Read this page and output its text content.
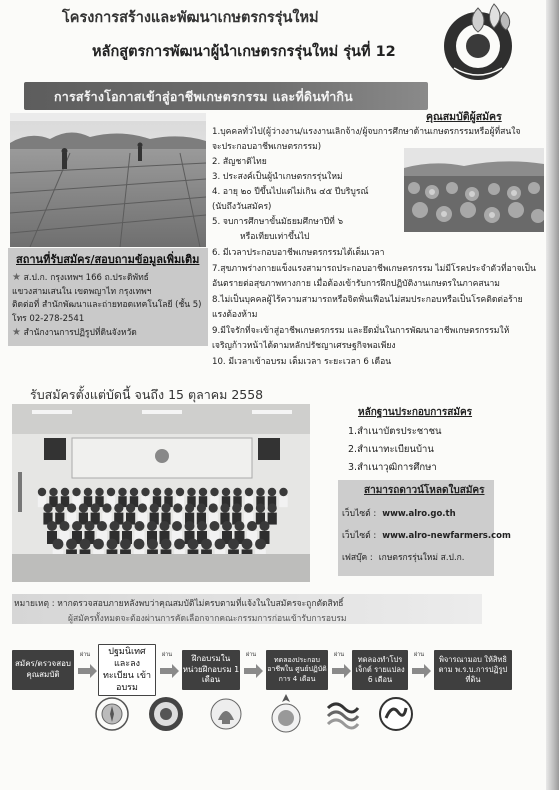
โครงการสร้างและพัฒนาเกษตรกรรุ่นใหม่
หลักสูตรการพัฒนาผู้นำเกษตรกรรุ่นใหม่ รุ่นที่ 12
การสร้างโอกาสเข้าสู่อาชีพเกษตรกรรม และที่ดินทำกิน
สถานที่รับสมัคร/สอบถามข้อมูลเพิ่มเติม
★ ส.ป.ก. กรุงเทพฯ 166 ถ.ประดิพัทธ์
แขวงสามเสนใน เขตพญาไท กรุงเทพฯ
ติดต่อที่ สำนักพัฒนาและถ่ายทอดเทคโนโลยี (ชั้น 5)
โทร 02-278-2541
★ สำนักงานการปฏิรูปที่ดินจังหวัด
คุณสมบัติผู้สมัคร
1.บุคคลทั่วไป(ผู้ว่างงาน/แรงงานเลิกจ้าง/ผู้จบการศึกษาด้านเกษตรกรรมหรือผู้ที่สนใจ
จะประกอบอาชีพเกษตรกรรม)
2. สัญชาติไทย
3. ประสงค์เป็นผู้นำเกษตรกรรุ่นใหม่
4. อายุ ๒๐ ปีขึ้นไปแต่ไม่เกิน ๔๕ ปีบริบูรณ์
(นับถึงวันสมัคร)
5. จบการศึกษาขั้นมัธยมศึกษาปีที่ ๖
หรือเทียบเท่าขึ้นไป
6. มีเวลาประกอบอาชีพเกษตรกรรมได้เต็มเวลา
7.สุขภาพร่างกายแข็งแรงสามารถประกอบอาชีพเกษตรกรรม ไม่มีโรคประจำตัวที่อาจเป็น
อันตรายต่อสุขภาพทางกาย เมื่อต้องเข้ารับการฝึกปฏิบัติงานเกษตรในภาคสนาม
8.ไม่เป็นบุคคลผู้ไร้ความสามารถหรือจิตฟั่นเฟือนไม่สมประกอบหรือเป็นโรคติดต่อร้าย
แรงต้องห้าม
9.มีใจรักที่จะเข้าสู่อาชีพเกษตรกรรม และยึดมั่นในการพัฒนาอาชีพเกษตรกรรมให้
เจริญก้าวหน้าได้ตามหลักปรัชญาเศรษฐกิจพอเพียง
10. มีเวลาเข้าอบรม เต็มเวลา ระยะเวลา 6 เดือน
รับสมัครตั้งแต่บัดนี้ จนถึง 15 ตุลาคม 2558
หลักฐานประกอบการสมัคร
1.สำเนาบัตรประชาชน
2.สำเนาทะเบียนบ้าน
3.สำเนาวุฒิการศึกษา
สามารถดาวน์โหลดใบสมัคร
เว็บไซต์ : www.alro.go.th
เว็บไซต์ : www.alro-newfarmers.com
เฟสบุ๊ค : เกษตรกรรุ่นใหม่ ส.ป.ก.
หมายเหตุ : หากตรวจสอบภายหลังพบว่าคุณสมบัติไม่ครบตามที่แจ้งในใบสมัครจะถูกตัดสิทธิ์
ผู้สมัครทั้งหมดจะต้องผ่านการคัดเลือกจากคณะกรรมการก่อนเข้ารับการอบรม
สมัคร/ตรวจสอบคุณสมบัติ
ผ่าน	ปฐมนิเทศ และลงทะเบียน เข้าอบรม
ผ่าน	ฝึกอบรมใน หน่วยฝึกอบรม 1 เดือน
ผ่าน
ทดลองประกอบอาชีพใน ศูนย์ปฏิบัติการ 4 เดือน
ผ่าน	ทดลองทำโปรเจ็กต์ รายแปลง 6 เดือน
ผ่าน	พิจารณามอบ ให้สิทธิตาม พ.ร.บ.การปฏิรูปที่ดิน
